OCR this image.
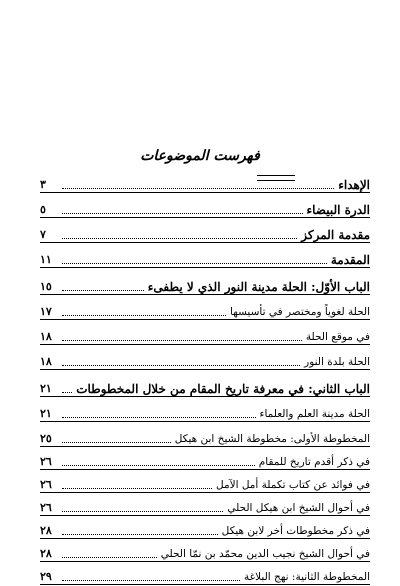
فهرست الموضوعات
الإهداء
٣
الدرة البيضاء
٥
مقدمة المركز
٧
المقدمة
١١
الباب الأوّل: الحلة مدينة النور الذي لا يطفىء
١٥
الحلة لغوياً ومختصر في تأسيسها
١٧
في موقع الحلة
١٨
الحلة بلدة النور
١٨
الباب الثاني: في معرفة تاريخ المقام من خلال المخطوطات
٢١
الحلة مدينة العلم والعلماء
٢١
المخطوطة الأولى: مخطوطة الشيخ ابن هيكل
٢٥
في ذكر أقدم تاريخ للمقام
٢٦
في فوائد عن كتاب تكملة أمل الآمل
٢٦
في أحوال الشيخ ابن هيكل الحلي
٢٦
في ذكر مخطوطات أخر لابن هيكل
٢٨
في أحوال الشيخ نجيب الدين محمّد بن نمّا الحلي
٢٨
المخطوطة الثانية: نهج البلاغة
٢٩
